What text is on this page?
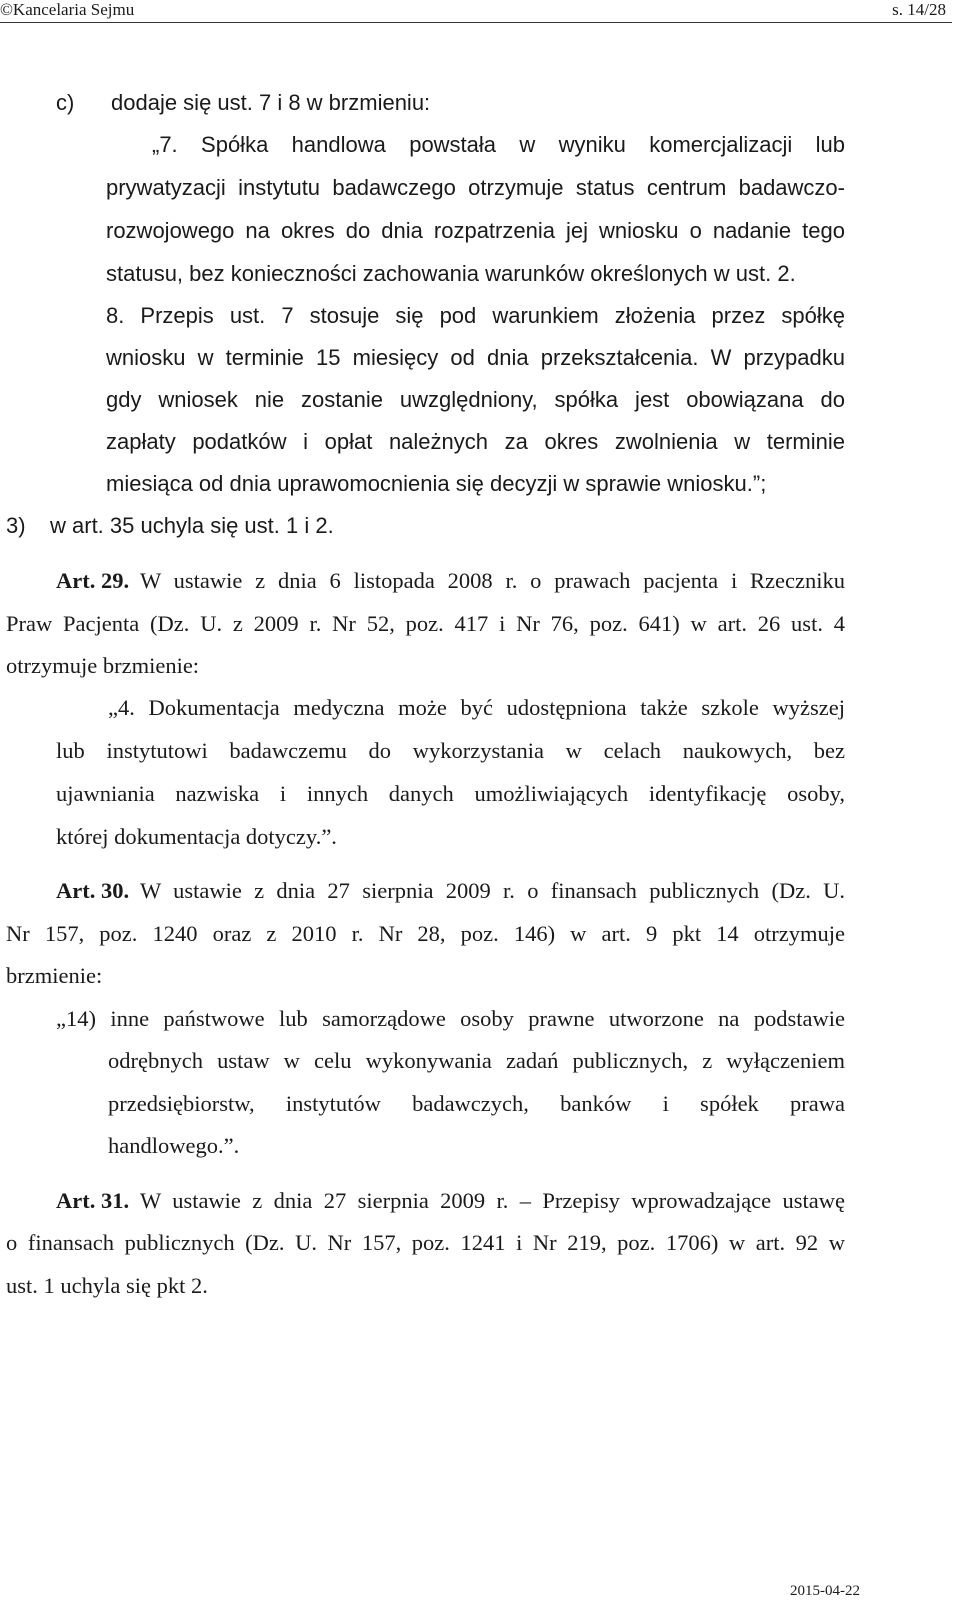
©Kancelaria Sejmu	s. 14/28
c)      dodaje się ust. 7 i 8 w brzmieniu:
„7. Spółka handlowa powstała w wyniku komercjalizacji lub
prywatyzacji instytutu badawczego otrzymuje status centrum badawczo-
rozwojowego na okres do dnia rozpatrzenia jej wniosku o nadanie tego
statusu, bez konieczności zachowania warunków określonych w ust. 2.
8. Przepis ust. 7 stosuje się pod warunkiem złożenia przez spółkę
wniosku w terminie 15 miesięcy od dnia przekształcenia. W przypadku
gdy wniosek nie zostanie uwzględniony, spółka jest obowiązana do
zapłaty podatków i opłat należnych za okres zwolnienia w terminie
miesiąca od dnia uprawomocnienia się decyzji w sprawie wniosku.”;
3)    w art. 35 uchyla się ust. 1 i 2.
Art. 29. W ustawie z dnia 6 listopada 2008 r. o prawach pacjenta i Rzeczniku
Praw Pacjenta (Dz. U. z 2009 r. Nr 52, poz. 417 i Nr 76, poz. 641) w art. 26 ust. 4
otrzymuje brzmienie:
„4. Dokumentacja medyczna może być udostępniona także szkole wyższej
lub instytutowi badawczemu do wykorzystania w celach naukowych, bez
ujawniania nazwiska i innych danych umożliwiających identyfikację osoby,
której dokumentacja dotyczy.”.
Art. 30. W ustawie z dnia 27 sierpnia 2009 r. o finansach publicznych (Dz. U.
Nr 157, poz. 1240 oraz z 2010 r. Nr 28, poz. 146) w art. 9 pkt 14 otrzymuje
brzmienie:
„14) inne państwowe lub samorządowe osoby prawne utworzone na podstawie
odrębnych ustaw w celu wykonywania zadań publicznych, z wyłączeniem
przedsiębiorstw, instytutów badawczych, banków i spółek prawa
handlowego.”.
Art. 31. W ustawie z dnia 27 sierpnia 2009 r. – Przepisy wprowadzające ustawę
o finansach publicznych (Dz. U. Nr 157, poz. 1241 i Nr 219, poz. 1706) w art. 92 w
ust. 1 uchyla się pkt 2.
2015-04-22
